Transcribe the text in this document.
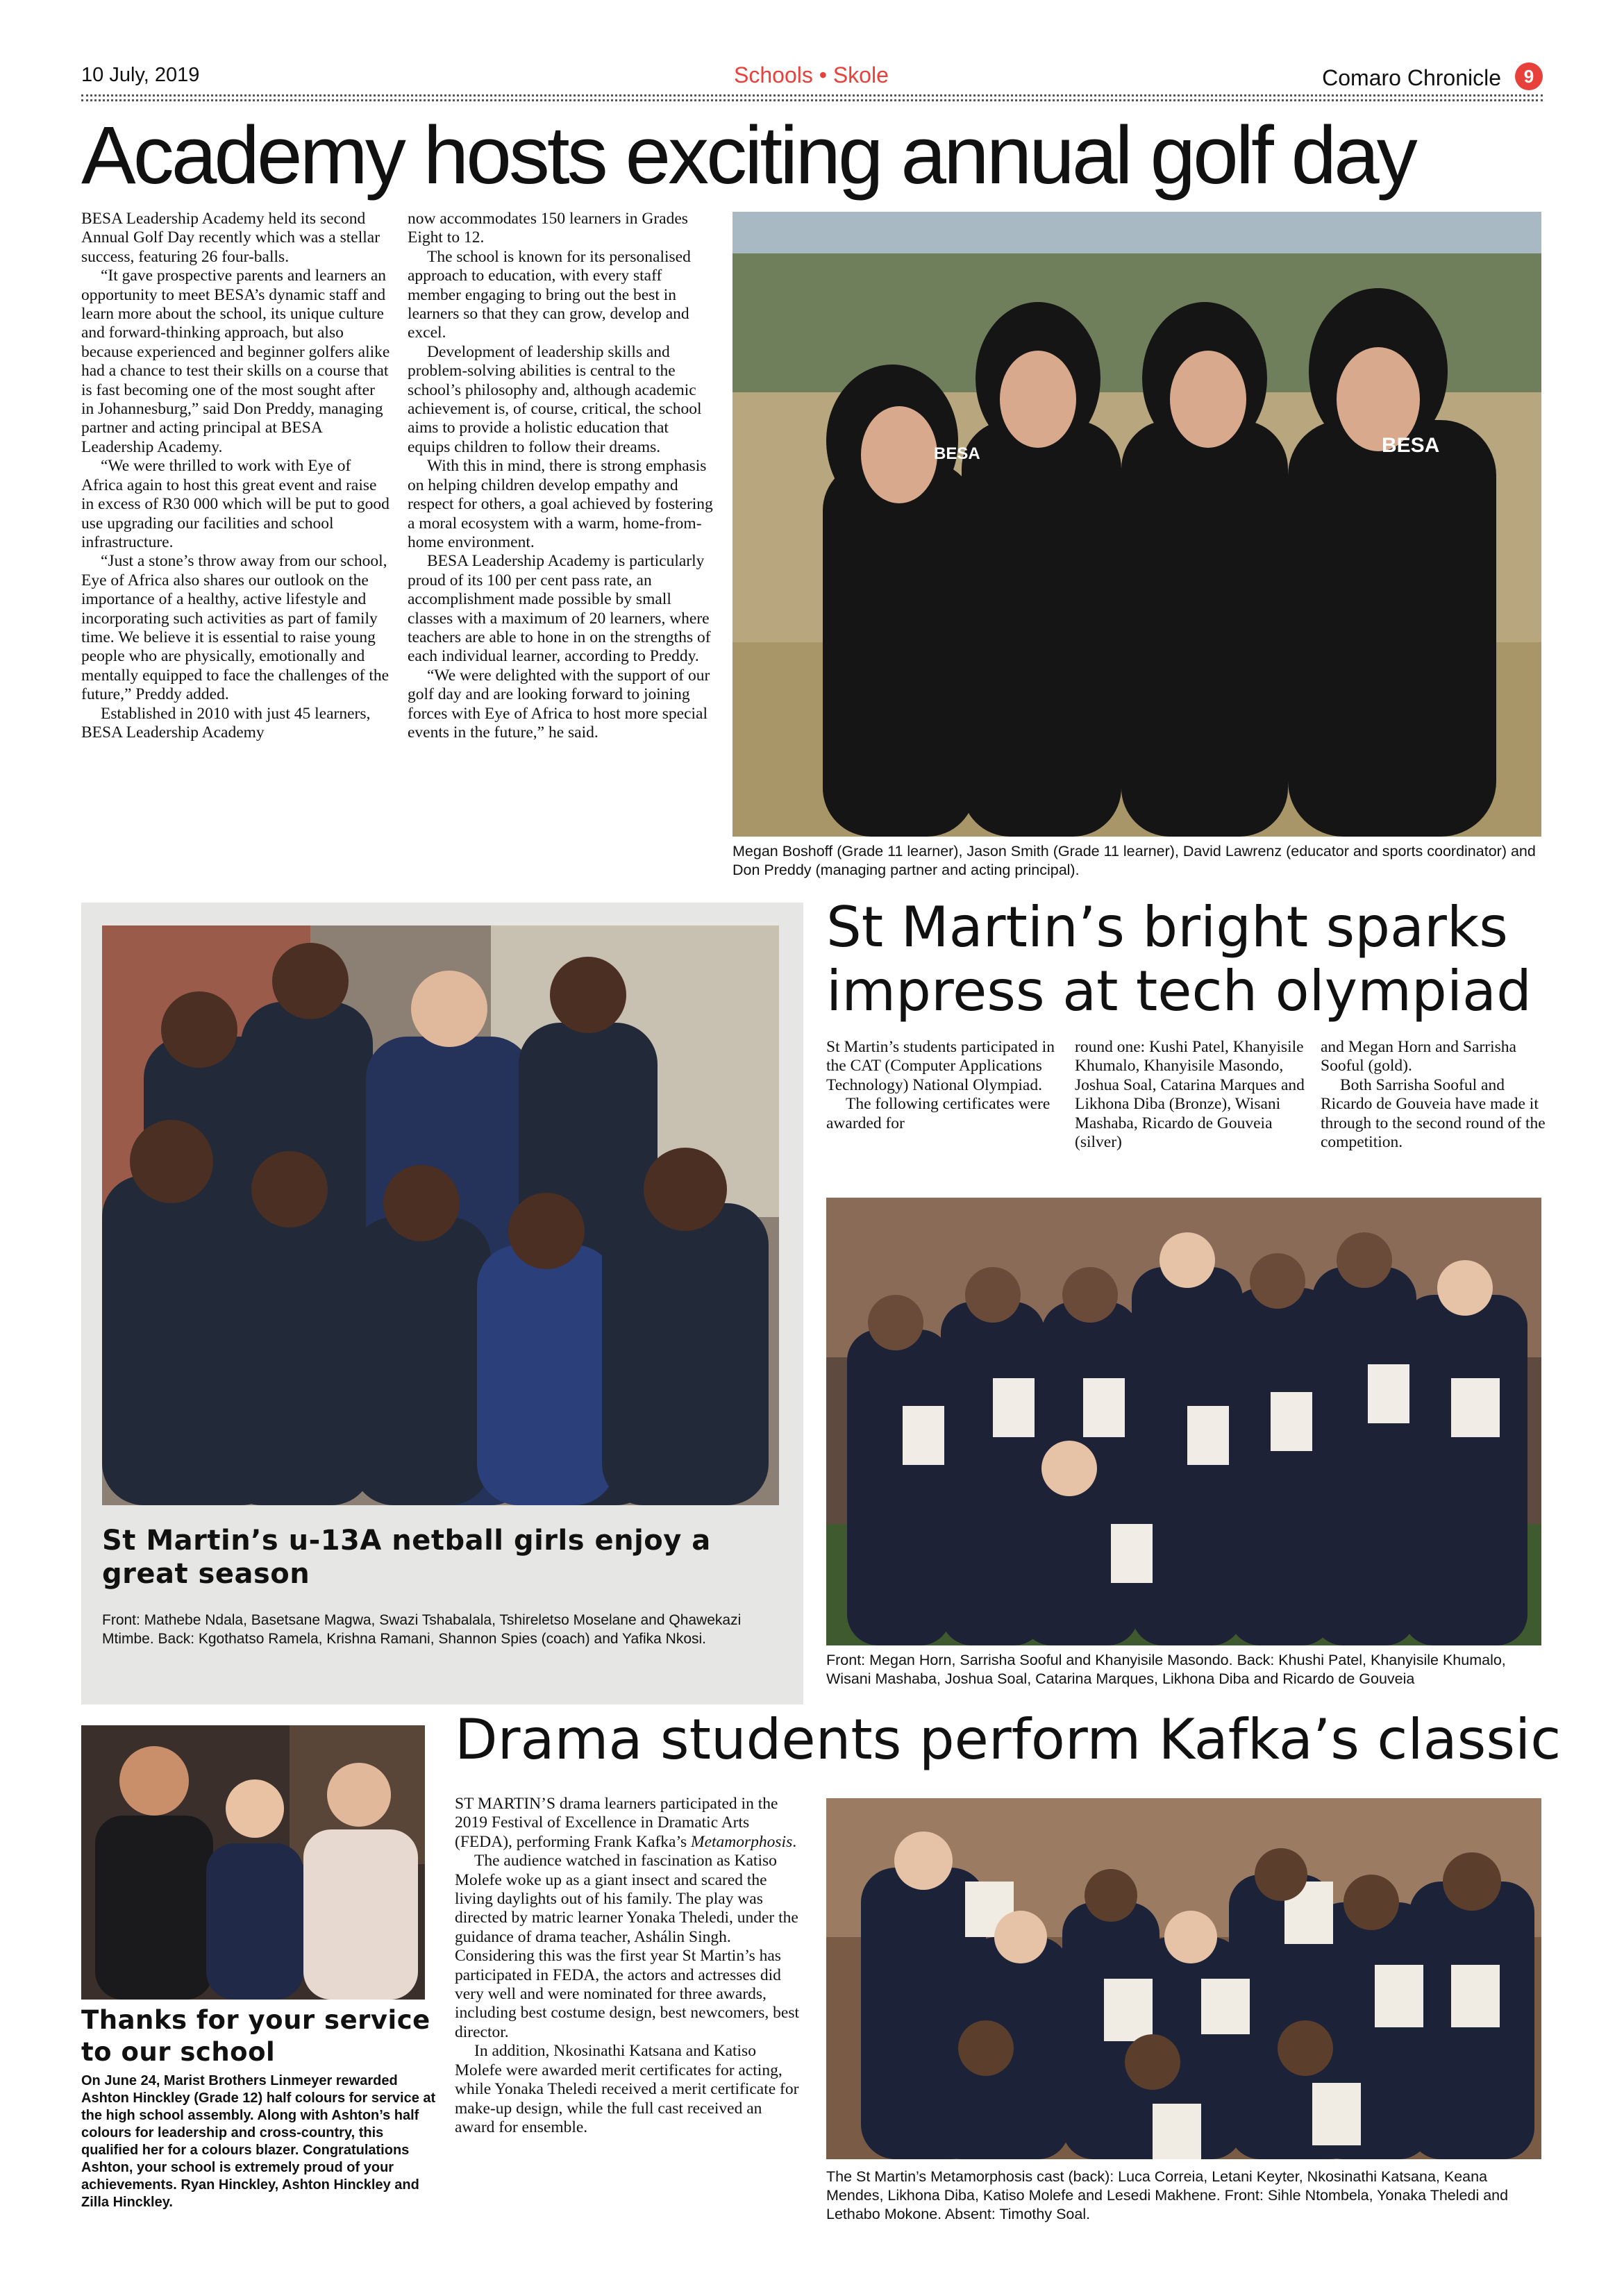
10 July, 2019	Schools • Skole	Comaro Chronicle	9
Academy hosts exciting annual golf day

BESA Leadership Academy held its second Annual Golf Day recently which was a stellar success, featuring 26 four-balls.

“It gave prospective parents and learners an opportunity to meet BESA’s dynamic staff and learn more about the school, its unique culture and forward-thinking approach, but also because experienced and beginner golfers alike had a chance to test their skills on a course that is fast becoming one of the most sought after in Johannesburg,” said Don Preddy, managing partner and acting principal at BESA Leadership Academy.

“We were thrilled to work with Eye of Africa again to host this great event and raise in excess of R30 000 which will be put to good use upgrading our facilities and school infrastructure.

“Just a stone’s throw away from our school, Eye of Africa also shares our outlook on the importance of a healthy, active lifestyle and incorporating such activities as part of family time. We believe it is essential to raise young people who are physically, emotionally and mentally equipped to face the challenges of the future,” Preddy added.

Established in 2010 with just 45 learners, BESA Leadership Academy

now accommodates 150 learners in Grades Eight to 12.

The school is known for its personalised approach to education, with every staff member engaging to bring out the best in learners so that they can grow, develop and excel.

Development of leadership skills and problem-solving abilities is central to the school’s philosophy and, although academic achievement is, of course, critical, the school aims to provide a holistic education that equips children to follow their dreams.

With this in mind, there is strong emphasis on helping children develop empathy and respect for others, a goal achieved by fostering a moral ecosystem with a warm, home-from-home environment.

BESA Leadership Academy is particularly proud of its 100 per cent pass rate, an accomplishment made possible by small classes with a maximum of 20 learners, where teachers are able to hone in on the strengths of each individual learner, according to Preddy.

“We were delighted with the support of our golf day and are looking forward to joining forces with Eye of Africa to host more special events in the future,” he said.

BESA	BESA
Megan Boshoff (Grade 11 learner), Jason Smith (Grade 11 learner), David Lawrenz (educator and sports coordinator) and Don Preddy (managing partner and acting principal).
St Martin’s u-13A netball girls enjoy a great season
Front: Mathebe Ndala, Basetsane Magwa, Swazi Tshabalala, Tshireletso Moselane and Qhawekazi Mtimbe. Back: Kgothatso Ramela, Krishna Ramani, Shannon Spies (coach) and Yafika Nkosi.
St Martin’s bright sparks impress at tech olympiad

St Martin’s students participated in the CAT (Computer Applications Technology) National Olympiad.

The following certificates were awarded for

round one: Kushi Patel, Khanyisile Khumalo, Khanyisile Masondo, Joshua Soal, Catarina Marques and Likhona Diba (Bronze), Wisani Mashaba, Ricardo de Gouveia (silver)

and Megan Horn and Sarrisha Sooful (gold).

Both Sarrisha Sooful and Ricardo de Gouveia have made it through to the second round of the competition.

Front: Megan Horn, Sarrisha Sooful and Khanyisile Masondo. Back: Khushi Patel, Khanyisile Khumalo, Wisani Mashaba, Joshua Soal, Catarina Marques, Likhona Diba and Ricardo de Gouveia
Thanks for your service to our school
On June 24, Marist Brothers Linmeyer rewarded Ashton Hinckley (Grade 12) half colours for service at the high school assembly. Along with Ashton’s half colours for leadership and cross-country, this qualified her for a colours blazer. Congratulations Ashton, your school is extremely proud of your achievements. Ryan Hinckley, Ashton Hinckley and Zilla Hinckley.
Drama students perform Kafka’s classic

ST MARTIN’S drama learners participated in the 2019 Festival of Excellence in Dramatic Arts (FEDA), performing Frank Kafka’s Metamorphosis.

The audience watched in fascination as Katiso Molefe woke up as a giant insect and scared the living daylights out of his family. The play was directed by matric learner Yonaka Theledi, under the guidance of drama teacher, Ashálin Singh. Considering this was the first year St Martin’s has participated in FEDA, the actors and actresses did very well and were nominated for three awards, including best costume design, best newcomers, best director.

In addition, Nkosinathi Katsana and Katiso Molefe were awarded merit certificates for acting, while Yonaka Theledi received a merit certificate for make-up design, while the full cast received an award for ensemble.

The St Martin’s Metamorphosis cast (back): Luca Correia, Letani Keyter, Nkosinathi Katsana, Keana Mendes, Likhona Diba, Katiso Molefe and Lesedi Makhene. Front: Sihle Ntombela, Yonaka Theledi and Lethabo Mokone. Absent: Timothy Soal.
